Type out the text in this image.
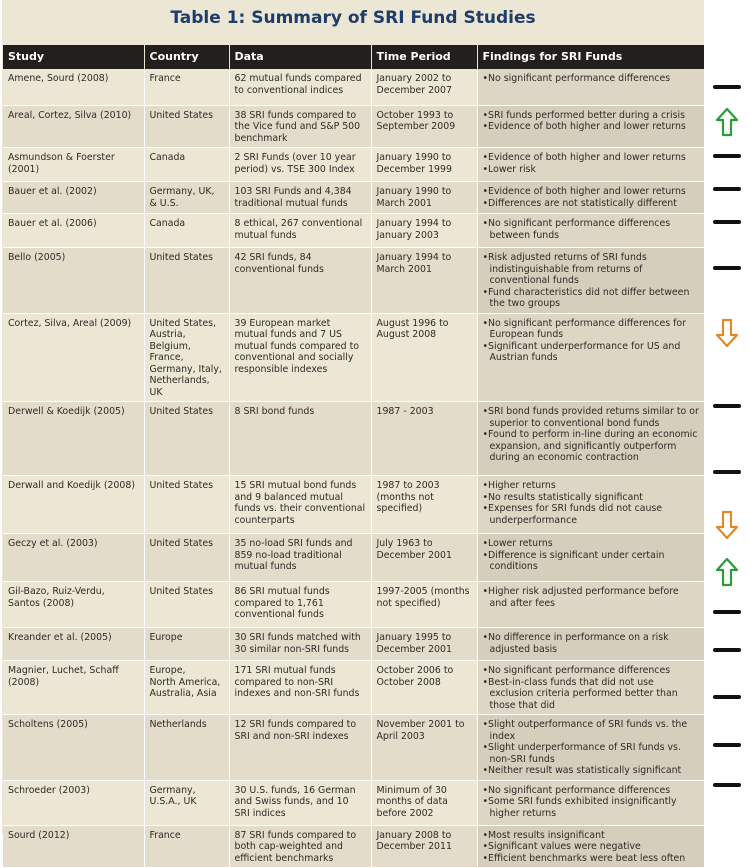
Table 1: Summary of SRI Fund Studies
Study	Country	Data	Time Period	Findings for SRI Funds
Amene, Sourd (2008)	France	62 mutual funds compared to conventional indices	January 2002 to December 2007	• No significant performance differences

Areal, Cortez, Silva (2010)	United States	38 SRI funds compared to the Vice fund and S&P 500 benchmark	October 1993 to September 2009	• SRI funds performed better during a crisis
• Evidence of both higher and lower returns

Asmundson & Foerster (2001)	Canada	2 SRI Funds (over 10 year period) vs. TSE 300 Index	January 1990 to December 1999	• Evidence of both higher and lower returns
• Lower risk

Bauer et al. (2002)	Germany, UK, & U.S.	103 SRI Funds and 4,384 traditional mutual funds	January 1990 to March 2001	• Evidence of both higher and lower returns
• Differences are not statistically different

Bauer et al. (2006)	Canada	8 ethical, 267 conventional mutual funds	January 1994 to January 2003	• No significant performance differences between funds

Bello (2005)	United States	42 SRI funds, 84 conventional funds	January 1994 to March 2001	• Risk adjusted returns of SRI funds indistinguishable from returns of conventional funds
• Fund characteristics did not differ between the two groups

Cortez, Silva, Areal (2009)	United States,
Austria,
Belgium, France,
Germany, Italy,
Netherlands, UK	39 European market mutual funds and 7 US mutual funds compared to conventional and socially responsible indexes	August 1996 to August 2008	• No significant performance differences for European funds
• Significant underperformance for US and Austrian funds

Derwell & Koedijk (2005)	United States	8 SRI bond funds	1987 - 2003	• SRI bond funds provided returns similar to or superior to conventional bond funds
• Found to perform in-line during an economic expansion, and significantly outperform during an economic contraction

Derwall and Koedijk (2008)	United States	15 SRI mutual bond funds and 9 balanced mutual funds vs. their conventional counterparts	1987 to 2003 (months not specified)	• Higher returns
• No results statistically significant
• Expenses for SRI funds did not cause underperformance

Geczy et al. (2003)	United States	35 no-load SRI funds and 859 no-load traditional mutual funds	July 1963 to December 2001	• Lower returns
• Difference is significant under certain conditions

Gil-Bazo, Ruiz-Verdu, Santos (2008)	United States	86 SRI mutual funds compared to 1,761 conventional funds	1997-2005 (months not specified)	• Higher risk adjusted performance before and after fees

Kreander et al. (2005)	Europe	30 SRI funds matched with 30 similar non-SRI funds	January 1995 to December 2001	• No difference in performance on a risk adjusted basis

Magnier, Luchet, Schaff (2008)	Europe,
North America,
Australia, Asia	171 SRI mutual funds compared to non-SRI indexes and non-SRI funds	October 2006 to October 2008	• No significant performance differences
• Best-in-class funds that did not use exclusion criteria performed better than those that did

Scholtens (2005)	Netherlands	12 SRI funds compared to SRI and non-SRI indexes	November 2001 to April 2003	• Slight outperformance of SRI funds vs. the index
• Slight underperformance of SRI funds vs. non-SRI funds
• Neither result was statistically significant

Schroeder (2003)	Germany,
U.S.A., UK	30 U.S. funds, 16 German and Swiss funds, and 10 SRI indices	Minimum of 30 months of data before 2002	• No significant performance differences
• Some SRI funds exhibited insignificantly higher returns

Sourd (2012)	France	87 SRI funds compared to both cap-weighted and efficient benchmarks	January 2008 to December 2011	• Most results insignificant
• Significant values were negative
• Efficient benchmarks were beat less often
